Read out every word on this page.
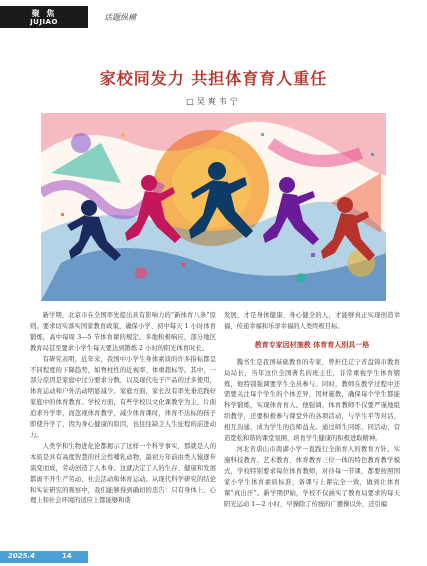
聚 焦
JUJIAO	话题纵横
家校同发力 共担体育育人重任
□吴爽韦宁

新学期，北京市在全国率先提出具有影响力的“新体育八条”原则。要求切实落实国家教育政策，确保小学、初中每天 1 小时体育锻炼，高中每周 3—5 节体育课的规定。多地积极响应，部分地区教育局甚至要求小学生每天要达到锻炼 2 小时的阳光体育时长。

有研究表明，近年来，我国中小学生身体素质的许多指标都呈不同程度的下降趋势，如脊柱性的近视率、体重超标等。其中，一部分原因是家庭中过分要求分数，以及现代电子产品的过多使用，体育运动和户外活动明显减少。家庭方面，家长没有率先垂范践好家庭中的体育教育。学校方面，有些学校以文化课教学为主，片面追求升学率，而忽视体育教学，减少体育课时，体育不达标的孩子即使升学了，因为身心健康的原因，也往往缺乏人生征程的前进动力。

人类学和生物进化论都揭示了这样一个科学事实，那就是人的本质是具有高度智慧的社会性哺乳动物，最初万年前由类人猿逐步演变而成，劳动创造了人本身。这就决定了人的生存、健康和发展都离不开生产劳动、社会活动和体育运动。从现代科学研究的结论和实证研究的观察中，我们能够得到确切的忠告：只有身体上、心理上和社会环境的适应上都能够和谐

发展，才是身体健康、身心健全的人，才能够真正实现创造幸福、传递幸福和乐享幸福的人类终极目标。

教育专家因材施教 体育育人别具一格

魏书生是我国基础教育的专家，曾担任辽宁省盘锦市教育局局长，当年这位全国著名的班主任，非常重视学生体育锻炼，他特别强调要学生全员参与。同时，教师在教学过程中还需要关注每个学生的个体差异，因材施教，确保每个学生都能科学锻炼，实现体育育人。他强调，体育教师不仅要严谨地组织教学，还要积极参与课堂外的各项活动，与学生平等对话，相互沟通，成为学生的良师益友。通过师生同练、同活动，营造宽松和谐的课堂氛围，培育学生健康的积极进取精神。

河北省唐山市南湖小学一直践行全面育人的教育方针。实施科技教育、艺术教育、体育教育三位一体的特色教育教学模式，学校特别要求每位体育教师，对待每一节课，都要按照国家小学生体育素质标准，备课与上课完全一致，做到让体育课“真出汗”。新学期伊始，学校不仅涵实了教育局要求的每天阳光运动 1—2 小时，早操除了传统的广播操以外，还引编

2025.4	14
